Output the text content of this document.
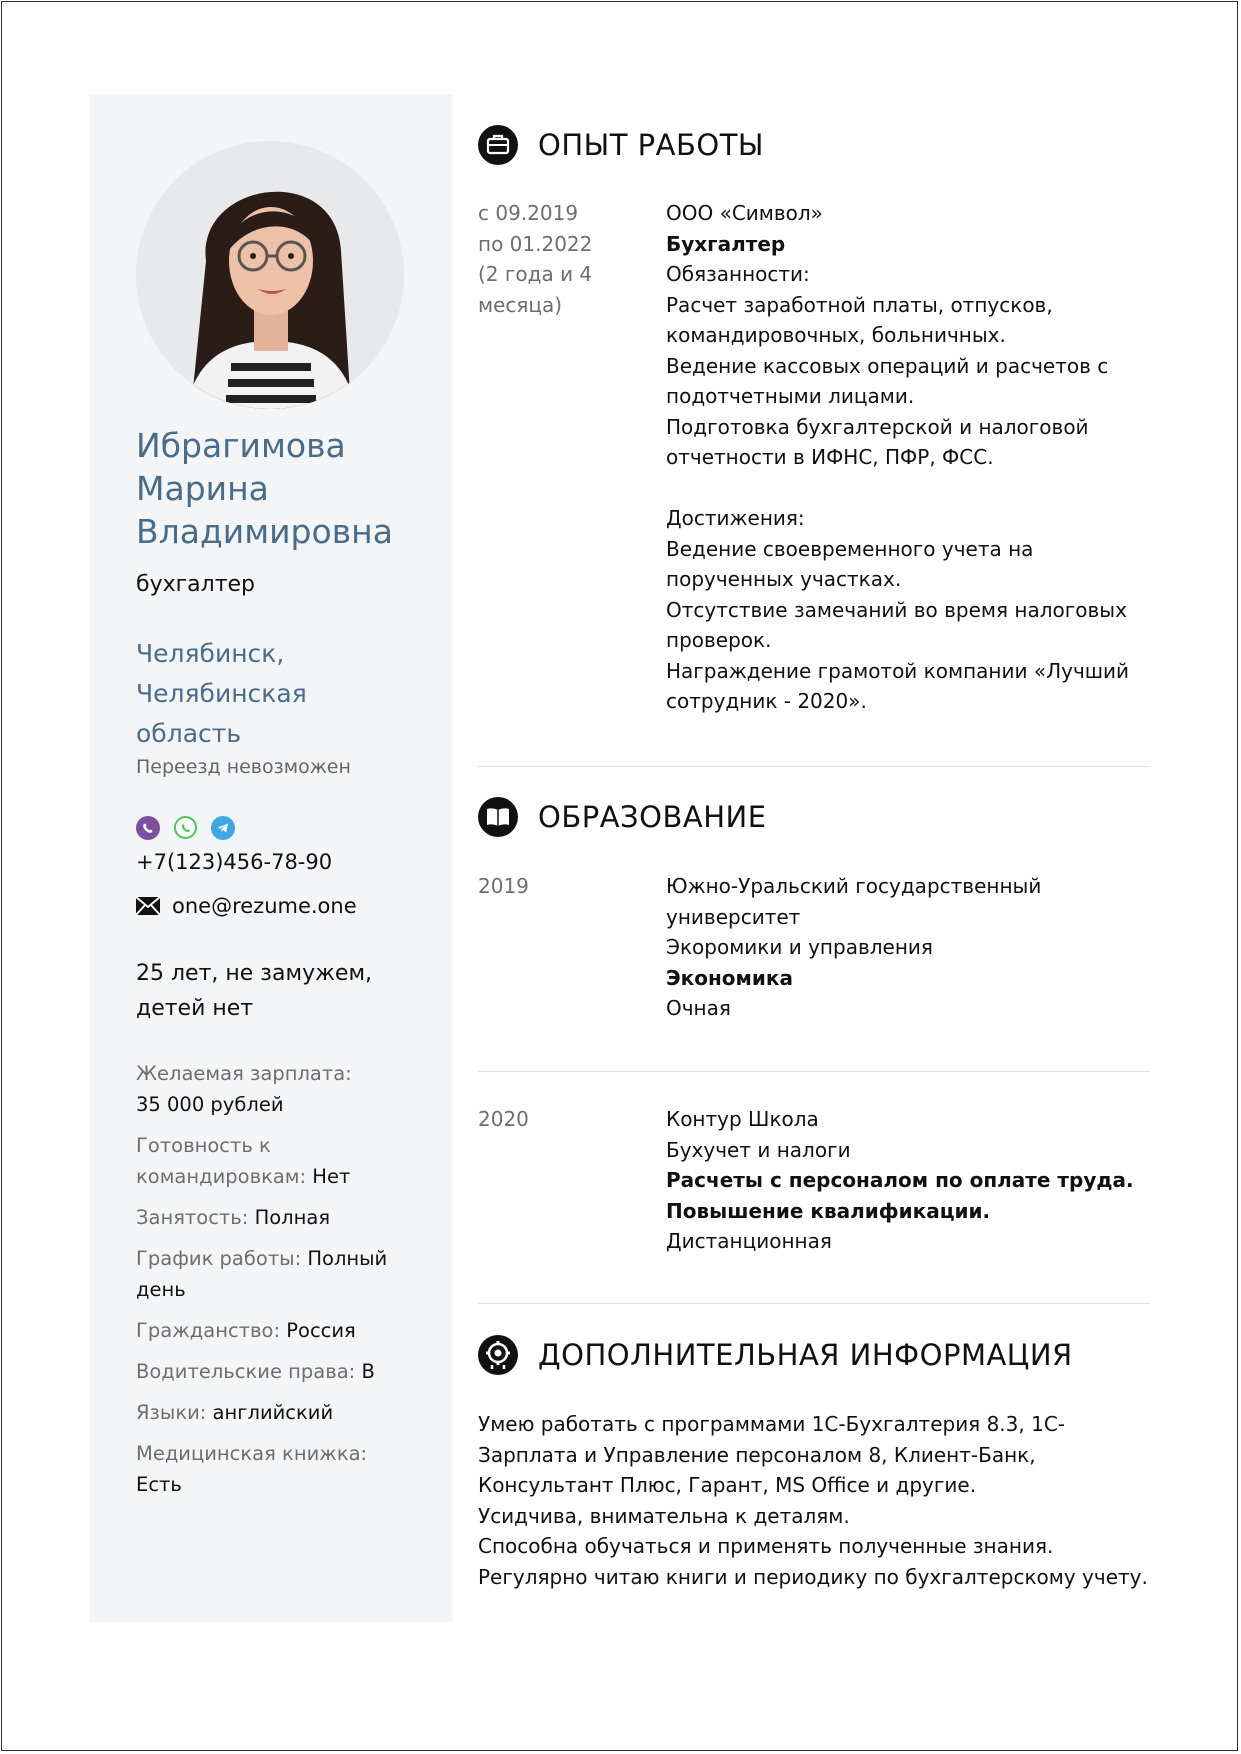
Ибрагимова
Марина
Владимировна
бухгалтер
Челябинск,
Челябинская
область
Переезд невозможен
+7(123)456-78-90
one@rezume.one
25 лет, не замужем,
детей нет
Желаемая зарплата:
35 000 рублей
Готовность к командировкам: Нет
Занятость: Полная
График работы: Полный день
Гражданство: Россия
Водительские права: B
Языки: английский
Медицинская книжка:
Есть
ОПЫТ РАБОТЫ
с 09.2019
по 01.2022
(2 года и 4
месяца)
ООО «Символ»
Бухгалтер
Обязанности:
Расчет заработной платы, отпусков,
командировочных, больничных.
Ведение кассовых операций и расчетов с
подотчетными лицами.
Подготовка бухгалтерской и налоговой
отчетности в ИФНС, ПФР, ФСС.
Достижения:
Ведение своевременного учета на
порученных участках.
Отсутствие замечаний во время налоговых
проверок.
Награждение грамотой компании «Лучший
сотрудник - 2020».
ОБРАЗОВАНИЕ
2019	Южно-Уральский государственный
университет
Экоромики и управления
Экономика
Очная
2020	Контур Школа
Бухучет и налоги
Расчеты с персоналом по оплате труда.
Повышение квалификации.
Дистанционная
ДОПОЛНИТЕЛЬНАЯ ИНФОРМАЦИЯ
Умею работать с программами 1С-Бухгалтерия 8.3, 1С-
Зарплата и Управление персоналом 8, Клиент-Банк,
Консультант Плюс, Гарант, MS Office и другие.
Усидчива, внимательна к деталям.
Способна обучаться и применять полученные знания.
Регулярно читаю книги и периодику по бухгалтерскому учету.
